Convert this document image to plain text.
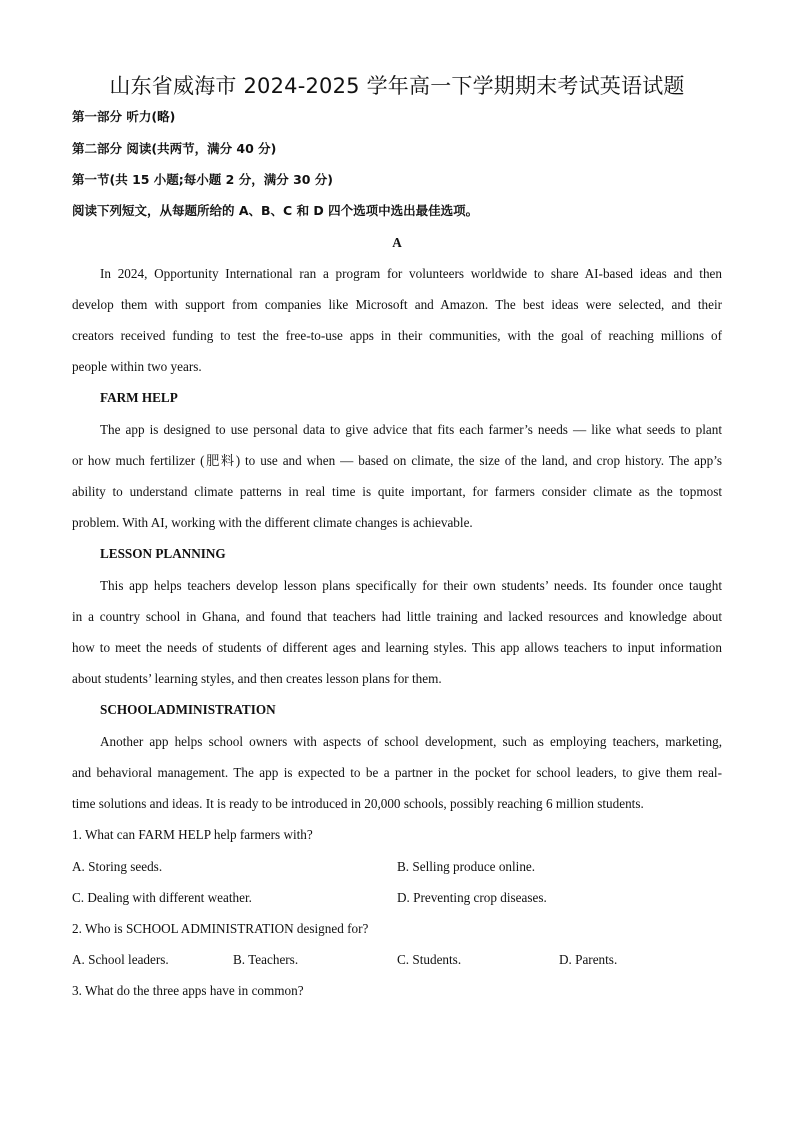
山东省威海市 2024-2025 学年高一下学期期末考试英语试题
第一部分 听力(略)
第二部分 阅读(共两节，满分 40 分)
第一节(共 15 小题;每小题 2 分，满分 30 分)
阅读下列短文，从每题所给的 A、B、C 和 D 四个选项中选出最佳选项。
A
In 2024, Opportunity International ran a program for volunteers worldwide to share AI-based ideas and then
develop them with support from companies like Microsoft and Amazon. The best ideas were selected, and their
creators received funding to test the free-to-use apps in their communities, with the goal of reaching millions of
people within two years.
FARM HELP
The app is designed to use personal data to give advice that fits each farmer’s needs — like what seeds to plant
or how much fertilizer (肥料) to use and when — based on climate, the size of the land, and crop history. The app’s
ability to understand climate patterns in real time is quite important, for farmers consider climate as the topmost
problem. With AI, working with the different climate changes is achievable.
LESSON PLANNING
This app helps teachers develop lesson plans specifically for their own students’ needs. Its founder once taught
in a country school in Ghana, and found that teachers had little training and lacked resources and knowledge about
how to meet the needs of students of different ages and learning styles. This app allows teachers to input information
about students’ learning styles, and then creates lesson plans for them.
SCHOOLADMINISTRATION
Another app helps school owners with aspects of school development, such as employing teachers, marketing,
and behavioral management. The app is expected to be a partner in the pocket for school leaders, to give them real-
time solutions and ideas. It is ready to be introduced in 20,000 schools, possibly reaching 6 million students.
1. What can FARM HELP help farmers with?
A. Storing seeds.	B. Selling produce online.
C. Dealing with different weather.	D. Preventing crop diseases.
2. Who is SCHOOL ADMINISTRATION designed for?
A. School leaders.	B. Teachers.	C. Students.	D. Parents.
3. What do the three apps have in common?
